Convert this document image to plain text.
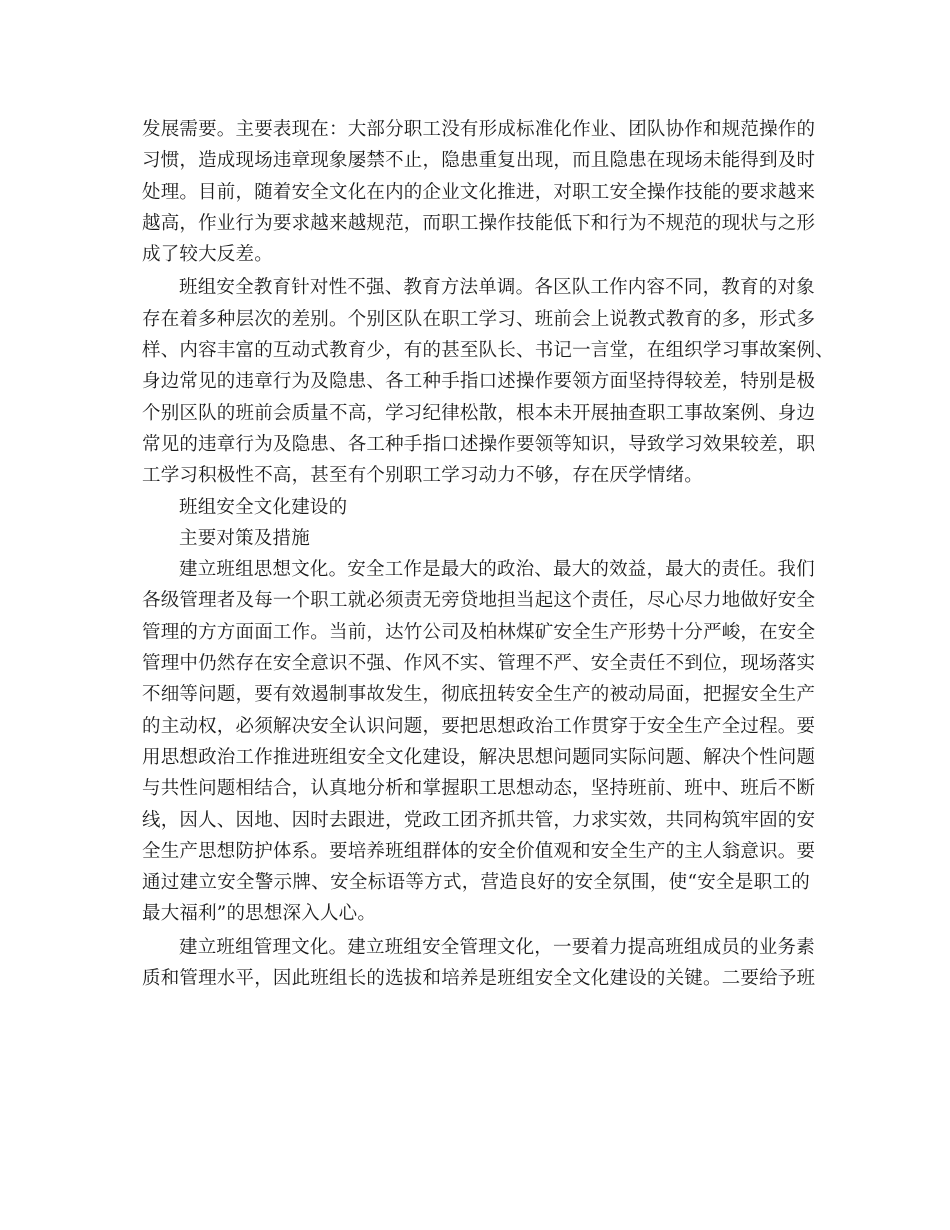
发展需要。主要表现在：大部分职工没有形成标准化作业、团队协作和规范操作的
习惯，造成现场违章现象屡禁不止，隐患重复出现，而且隐患在现场未能得到及时
处理。目前，随着安全文化在内的企业文化推进，对职工安全操作技能的要求越来
越高，作业行为要求越来越规范，而职工操作技能低下和行为不规范的现状与之形
成了较大反差。
班组安全教育针对性不强、教育方法单调。各区队工作内容不同，教育的对象
存在着多种层次的差别。个别区队在职工学习、班前会上说教式教育的多，形式多
样、内容丰富的互动式教育少，有的甚至队长、书记一言堂，在组织学习事故案例、
身边常见的违章行为及隐患、各工种手指口述操作要领方面坚持得较差，特别是极
个别区队的班前会质量不高，学习纪律松散，根本未开展抽查职工事故案例、身边
常见的违章行为及隐患、各工种手指口述操作要领等知识，导致学习效果较差，职
工学习积极性不高，甚至有个别职工学习动力不够，存在厌学情绪。
班组安全文化建设的
主要对策及措施
建立班组思想文化。安全工作是最大的政治、最大的效益，最大的责任。我们
各级管理者及每一个职工就必须责无旁贷地担当起这个责任，尽心尽力地做好安全
管理的方方面面工作。当前，达竹公司及柏林煤矿安全生产形势十分严峻，在安全
管理中仍然存在安全意识不强、作风不实、管理不严、安全责任不到位，现场落实
不细等问题，要有效遏制事故发生，彻底扭转安全生产的被动局面，把握安全生产
的主动权，必须解决安全认识问题，要把思想政治工作贯穿于安全生产全过程。要
用思想政治工作推进班组安全文化建设，解决思想问题同实际问题、解决个性问题
与共性问题相结合，认真地分析和掌握职工思想动态，坚持班前、班中、班后不断
线，因人、因地、因时去跟进，党政工团齐抓共管，力求实效，共同构筑牢固的安
全生产思想防护体系。要培养班组群体的安全价值观和安全生产的主人翁意识。要
通过建立安全警示牌、安全标语等方式，营造良好的安全氛围，使“安全是职工的
最大福利”的思想深入人心。
建立班组管理文化。建立班组安全管理文化，一要着力提高班组成员的业务素
质和管理水平，因此班组长的选拔和培养是班组安全文化建设的关键。二要给予班
